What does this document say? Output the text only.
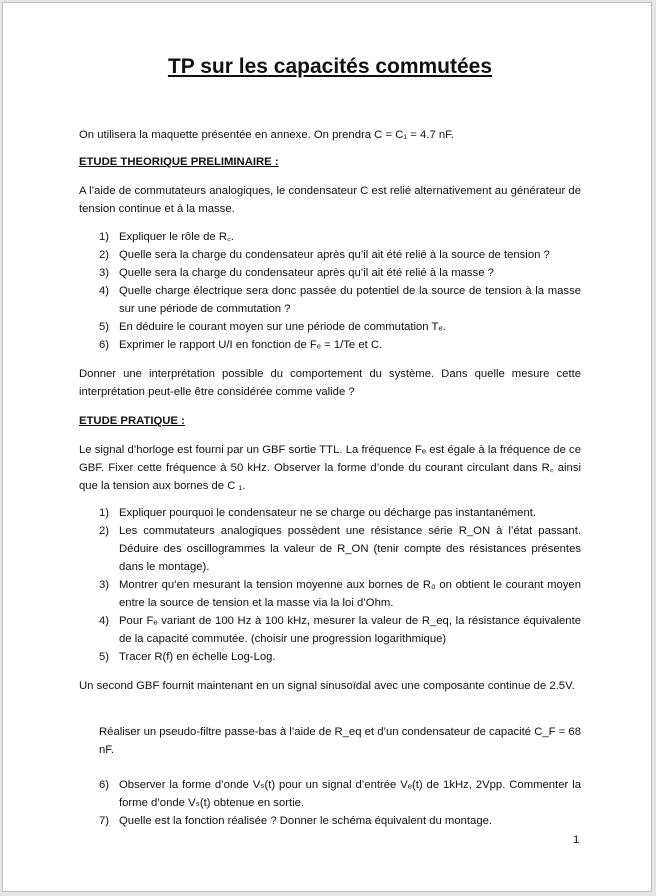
TP sur les capacités commutées
On utilisera la maquette présentée en annexe. On prendra C = C₁ = 4.7 nF.
ETUDE THEORIQUE PRELIMINAIRE :
A l’aide de commutateurs analogiques, le condensateur C est relié alternativement au générateur de tension continue et à la masse.
1) Expliquer le rôle de R꜀.
2) Quelle sera la charge du condensateur après qu’il ait été relié à la source de tension ?
3) Quelle sera la charge du condensateur après qu’il ait été relié à la masse ?
4) Quelle charge électrique sera donc passée du potentiel de la source de tension à la masse sur une période de commutation ?
5) En déduire le courant moyen sur une période de commutation Tₑ.
6) Exprimer le rapport U/I en fonction de Fₑ = 1/Te et C.
Donner une interprétation possible du comportement du système. Dans quelle mesure cette interprétation peut-elle être considérée comme valide ?
ETUDE PRATIQUE :
Le signal d’horloge est fourni par un GBF sortie TTL. La fréquence Fₑ est égale à la fréquence de ce GBF. Fixer cette fréquence à 50 kHz. Observer la forme d’onde du courant circulant dans R꜀ ainsi que la tension aux bornes de C ₁.
1) Expliquer pourquoi le condensateur ne se charge ou décharge pas instantanément.
2) Les commutateurs analogiques possèdent une résistance série R_ON à l’état passant. Déduire des oscillogrammes la valeur de R_ON (tenir compte des résistances présentes dans le montage).
3) Montrer qu’en mesurant la tension moyenne aux bornes de R₀ on obtient le courant moyen entre la source de tension et la masse via la loi d’Ohm.
4) Pour Fₑ variant de 100 Hz à 100 kHz, mesurer la valeur de R_eq, la résistance équivalente de la capacité commutée. (choisir une progression logarithmique)
5) Tracer R(f) en échelle Log-Log.
Un second GBF fournit maintenant en un signal sinusoïdal avec une composante continue de 2.5V.
Réaliser un pseudo-filtre passe-bas à l’aide de R_eq et d’un condensateur de capacité C_F = 68 nF.
6) Observer la forme d’onde Vₛ(t) pour un signal d’entrée Vₑ(t) de 1kHz, 2Vpp. Commenter la forme d’onde Vₛ(t) obtenue en sortie.
7) Quelle est la fonction réalisée ? Donner le schéma équivalent du montage.
1
